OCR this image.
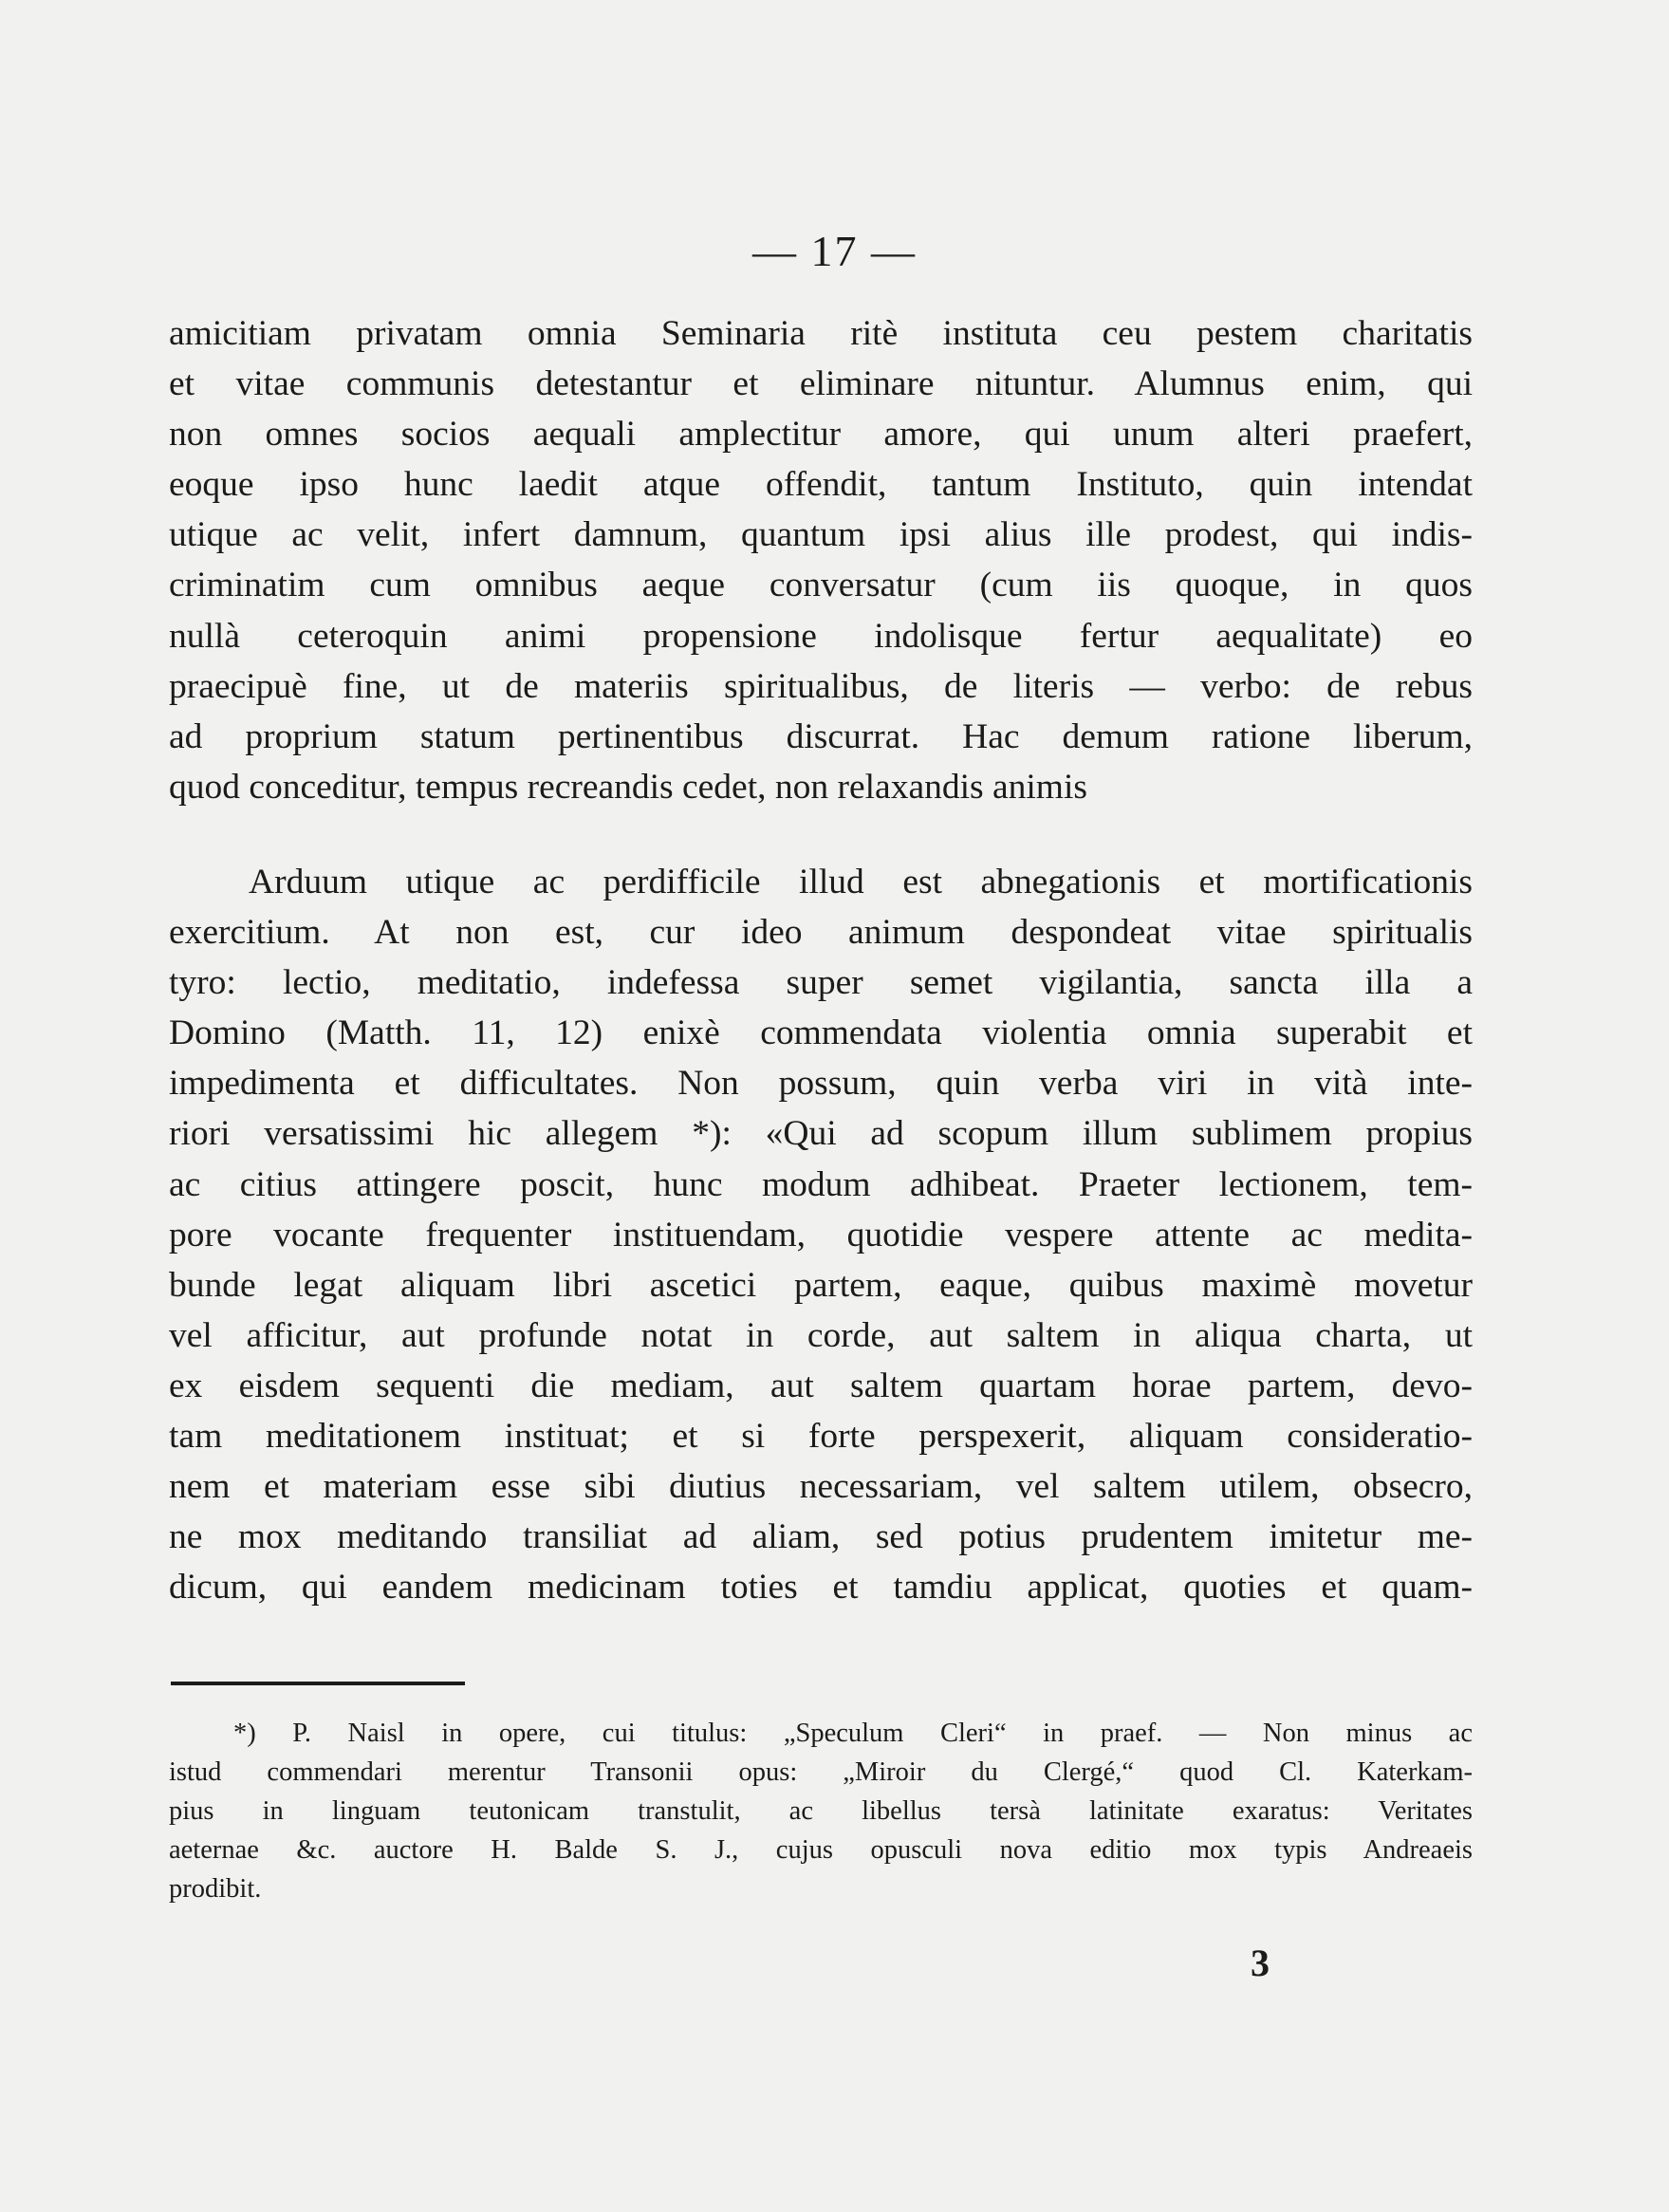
— 17 —
amicitiam privatam omnia Seminaria ritè instituta ceu pestem charitatis
et vitae communis detestantur et eliminare nituntur. Alumnus enim, qui
non omnes socios aequali amplectitur amore, qui unum alteri praefert,
eoque ipso hunc laedit atque offendit, tantum Instituto, quin intendat
utique ac velit, infert damnum, quantum ipsi alius ille prodest, qui indis-
criminatim cum omnibus aeque conversatur (cum iis quoque, in quos
nullà ceteroquin animi propensione indolisque fertur aequalitate) eo
praecipuè fine, ut de materiis spiritualibus, de literis — verbo: de rebus
ad proprium statum pertinentibus discurrat. Hac demum ratione liberum,
quod conceditur, tempus recreandis cedet, non relaxandis animis
Arduum utique ac perdifficile illud est abnegationis et mortificationis
exercitium. At non est, cur ideo animum despondeat vitae spiritualis
tyro: lectio, meditatio, indefessa super semet vigilantia, sancta illa a
Domino (Matth. 11, 12) enixè commendata violentia omnia superabit et
impedimenta et difficultates. Non possum, quin verba viri in vità inte-
riori versatissimi hic allegem *): «Qui ad scopum illum sublimem propius
ac citius attingere poscit, hunc modum adhibeat. Praeter lectionem, tem-
pore vocante frequenter instituendam, quotidie vespere attente ac medita-
bunde legat aliquam libri ascetici partem, eaque, quibus maximè movetur
vel afficitur, aut profunde notat in corde, aut saltem in aliqua charta, ut
ex eisdem sequenti die mediam, aut saltem quartam horae partem, devo-
tam meditationem instituat; et si forte perspexerit, aliquam consideratio-
nem et materiam esse sibi diutius necessariam, vel saltem utilem, obsecro,
ne mox meditando transiliat ad aliam, sed potius prudentem imitetur me-
dicum, qui eandem medicinam toties et tamdiu applicat, quoties et quam-
*) P. Naisl in opere, cui titulus: „Speculum Cleri“ in praef. — Non minus ac
istud commendari merentur Transonii opus: „Miroir du Clergé,“ quod Cl. Katerkam-
pius in linguam teutonicam transtulit, ac libellus tersà latinitate exaratus: Veritates
aeternae &c. auctore H. Balde S. J., cujus opusculi nova editio mox typis Andreaeis
prodibit.
3
